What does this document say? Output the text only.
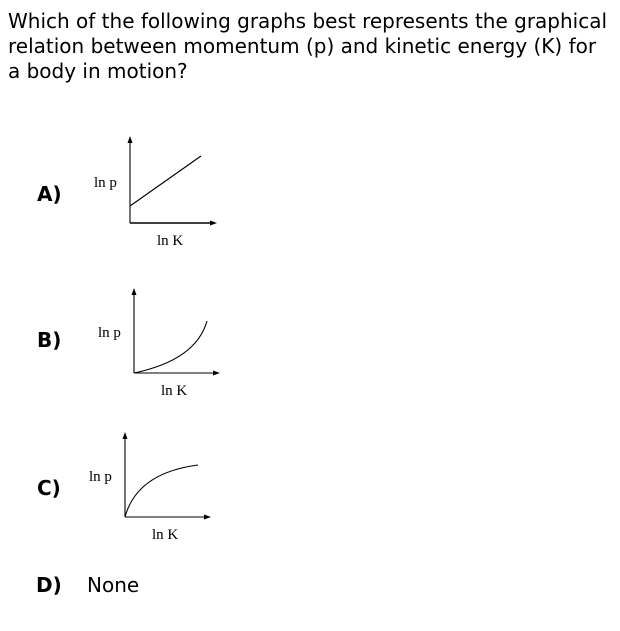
Which of the following graphs best represents the graphical relation between momentum (p) and kinetic energy (K) for a body in motion?
A) ln p
ln K
B) ln p
ln K
C) ln p
ln K
D) None
